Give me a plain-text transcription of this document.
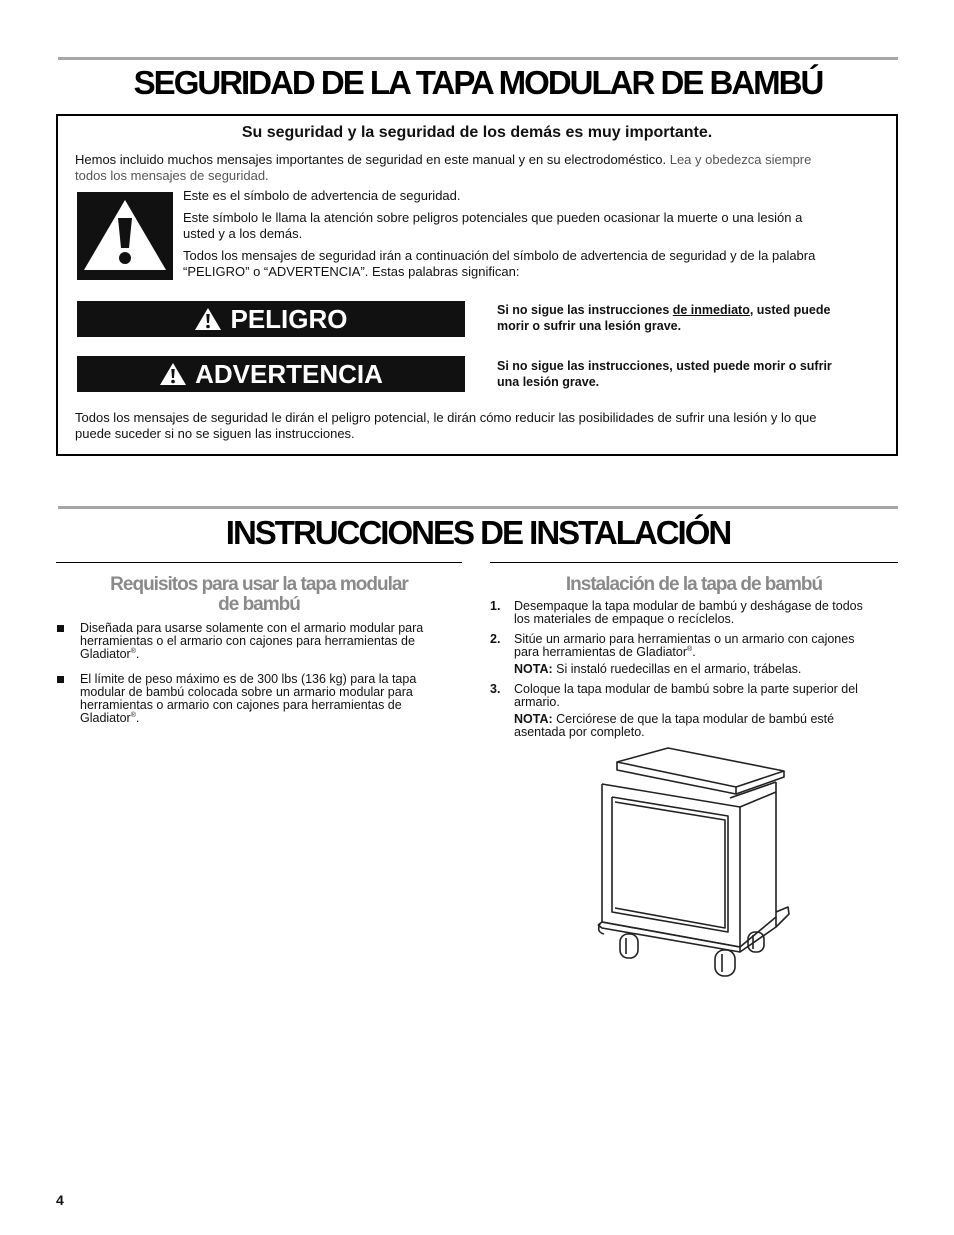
SEGURIDAD DE LA TAPA MODULAR DE BAMBÚ

Su seguridad y la seguridad de los demás es muy importante.

Hemos incluido muchos mensajes importantes de seguridad en este manual y en su electrodoméstico. Lea y obedezca siempre
todos los mensajes de seguridad.

Este es el símbolo de advertencia de seguridad.

Este símbolo le llama la atención sobre peligros potenciales que pueden ocasionar la muerte o una lesión a
usted y a los demás.

Todos los mensajes de seguridad irán a continuación del símbolo de advertencia de seguridad y de la palabra
“PELIGRO” o “ADVERTENCIA”. Estas palabras significan:

PELIGRO	Si no sigue las instrucciones de inmediato, usted puede
morir o sufrir una lesión grave.

ADVERTENCIA	Si no sigue las instrucciones, usted puede morir o sufrir
una lesión grave.

Todos los mensajes de seguridad le dirán el peligro potencial, le dirán cómo reducir las posibilidades de sufrir una lesión y lo que
puede suceder si no se siguen las instrucciones.

INSTRUCCIONES DE INSTALACIÓN
Requisitos para usar la tapa modular
de bambú
Diseñada para usarse solamente con el armario modular para
herramientas o el armario con cajones para herramientas de
Gladiator®.
El límite de peso máximo es de 300 lbs (136 kg) para la tapa
modular de bambú colocada sobre un armario modular para
herramientas o armario con cajones para herramientas de
Gladiator®.
Instalación de la tapa de bambú
1. Desempaque la tapa modular de bambú y deshágase de todos
los materiales de empaque o recíclelos.
2. Sitúe un armario para herramientas o un armario con cajones
para herramientas de Gladiator®.
NOTA: Si instaló ruedecillas en el armario, trábelas.
3. Coloque la tapa modular de bambú sobre la parte superior del
armario.
NOTA: Cerciórese de que la tapa modular de bambú esté
asentada por completo.
4
